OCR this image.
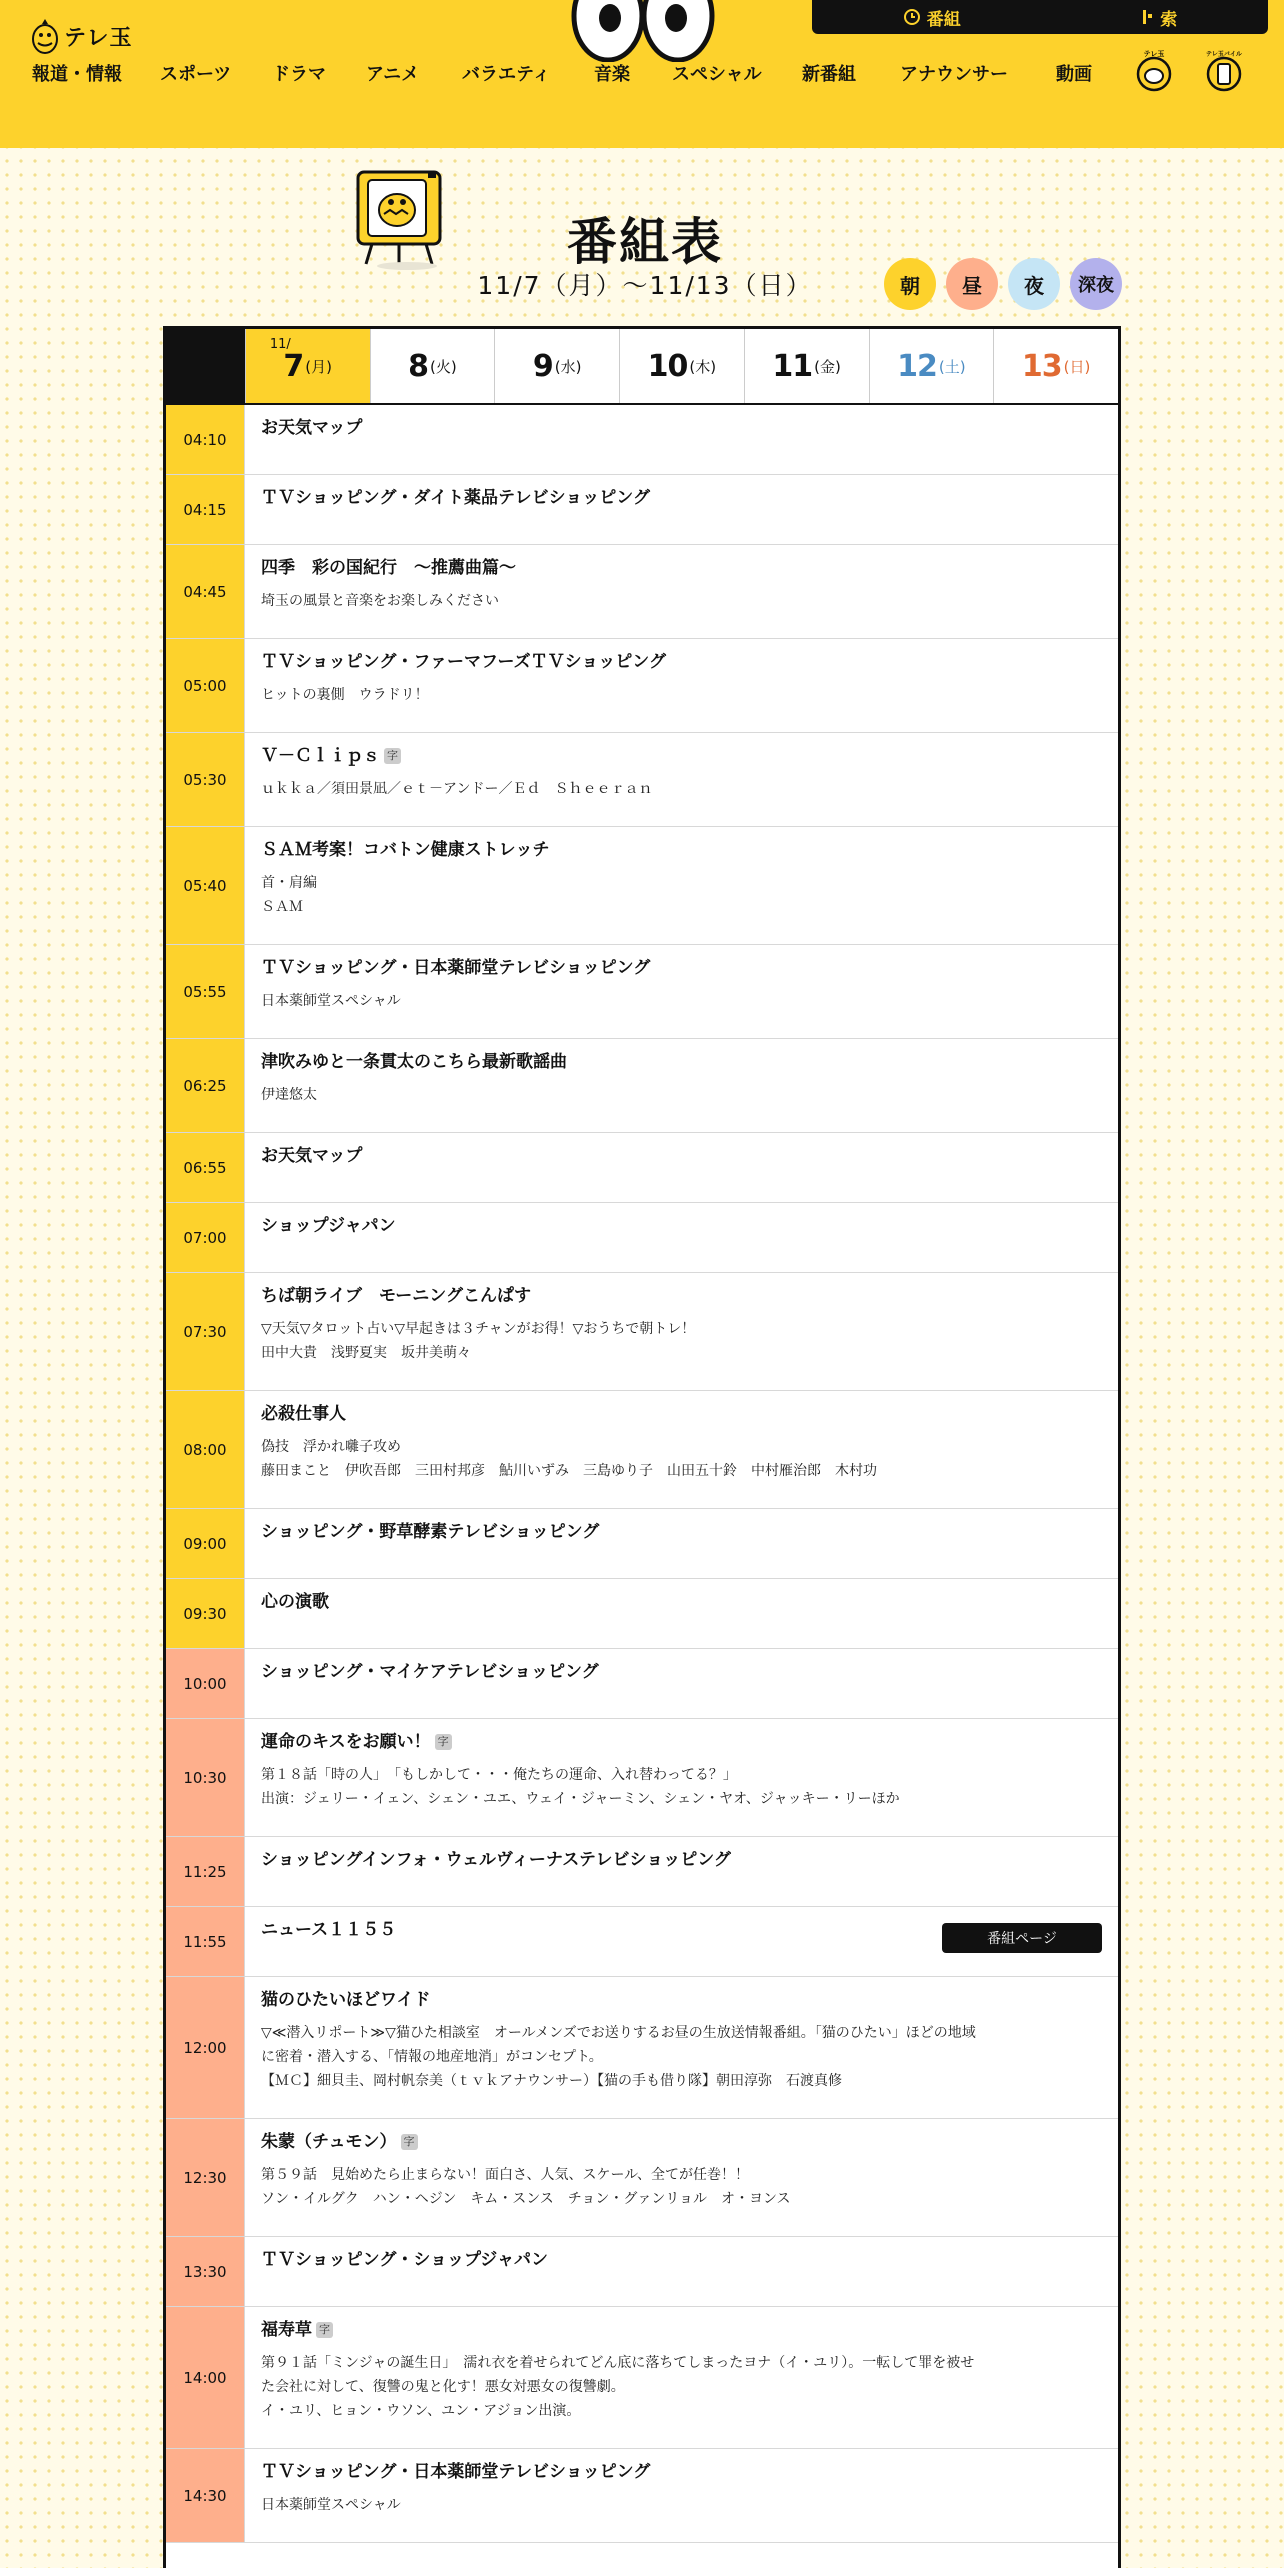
テレ玉
番組	索
報道・情報 スポーツ ドラマ アニメ バラエティ 音楽 スペシャル 新番組 アナウンサー	動画
テレ玉	テレ玉バイル
番組表
11/7（月）〜11/13（日）	朝 昼 夜 深夜
11/
7 (月)	8 (火)	9 (水) 10 (木) 11 (金) 12 (土) 13 (日)
04:10
お天気マップ
04:15
ＴＶショッピング・ダイト薬品テレビショッピング
04:45
四季　彩の国紀行　～推薦曲篇～
埼玉の風景と音楽をお楽しみください
05:00
ＴＶショッピング・ファーマフーズＴＶショッピング
ヒットの裏側　ウラドリ！
05:30
Ｖ－Ｃｌｉｐｓ 字
ｕｋｋａ／須田景凪／ｅｔ－アンドー／Ｅｄ　Ｓｈｅｅｒａｎ
05:40
ＳＡＭ考案！コバトン健康ストレッチ
首・肩編
ＳＡＭ
05:55
ＴＶショッピング・日本薬師堂テレビショッピング
日本薬師堂スペシャル
06:25
津吹みゆと一条貫太のこちら最新歌謡曲
伊達悠太
06:55
お天気マップ
07:00
ショップジャパン
07:30
ちば朝ライブ　モーニングこんぱす
▽天気▽タロット占い▽早起きは３チャンがお得！▽おうちで朝トレ！
田中大貴　浅野夏実　坂井美萌々
08:00
必殺仕事人
偽技　浮かれ囃子攻め
藤田まこと　伊吹吾郎　三田村邦彦　鮎川いずみ　三島ゆり子　山田五十鈴　中村雁治郎　木村功
09:00
ショッピング・野草酵素テレビショッピング
09:30
心の演歌
10:00
ショッピング・マイケアテレビショッピング
10:30
運命のキスをお願い！ 字
第１８話「時の人」　「もしかして・・・俺たちの運命、入れ替わってる？」
出演：ジェリー・イェン、シェン・ユエ、ウェイ・ジャーミン、シェン・ヤオ、ジャッキー・リーほか
11:25
ショッピングインフォ・ウェルヴィーナステレビショッピング
11:55
ニュース１１５５	番組ページ
12:00
猫のひたいほどワイド
▽≪潜入リポート≫▽猫ひた相談室　オールメンズでお送りするお昼の生放送情報番組。「猫のひたい」ほどの地域
に密着・潜入する、「情報の地産地消」がコンセプト。
【ＭＣ】細貝圭、岡村帆奈美（ｔｖｋアナウンサー）【猫の手も借り隊】朝田淳弥　石渡真修
12:30
朱蒙（チュモン） 字
第５９話　見始めたら止まらない！面白さ、人気、スケール、全てが任巻！！
ソン・イルグク　ハン・ヘジン　キム・スンス　チョン・グァンリョル　オ・ヨンス
13:30
ＴＶショッピング・ショップジャパン
14:00
福寿草 字
第９１話「ミンジャの誕生日」　濡れ衣を着せられてどん底に落ちてしまったヨナ（イ・ユリ）。一転して罪を被せ
た会社に対して、復讐の鬼と化す！悪女対悪女の復讐劇。
イ・ユリ、ヒョン・ウソン、ユン・アジョン出演。
14:30
ＴＶショッピング・日本薬師堂テレビショッピング
日本薬師堂スペシャル
